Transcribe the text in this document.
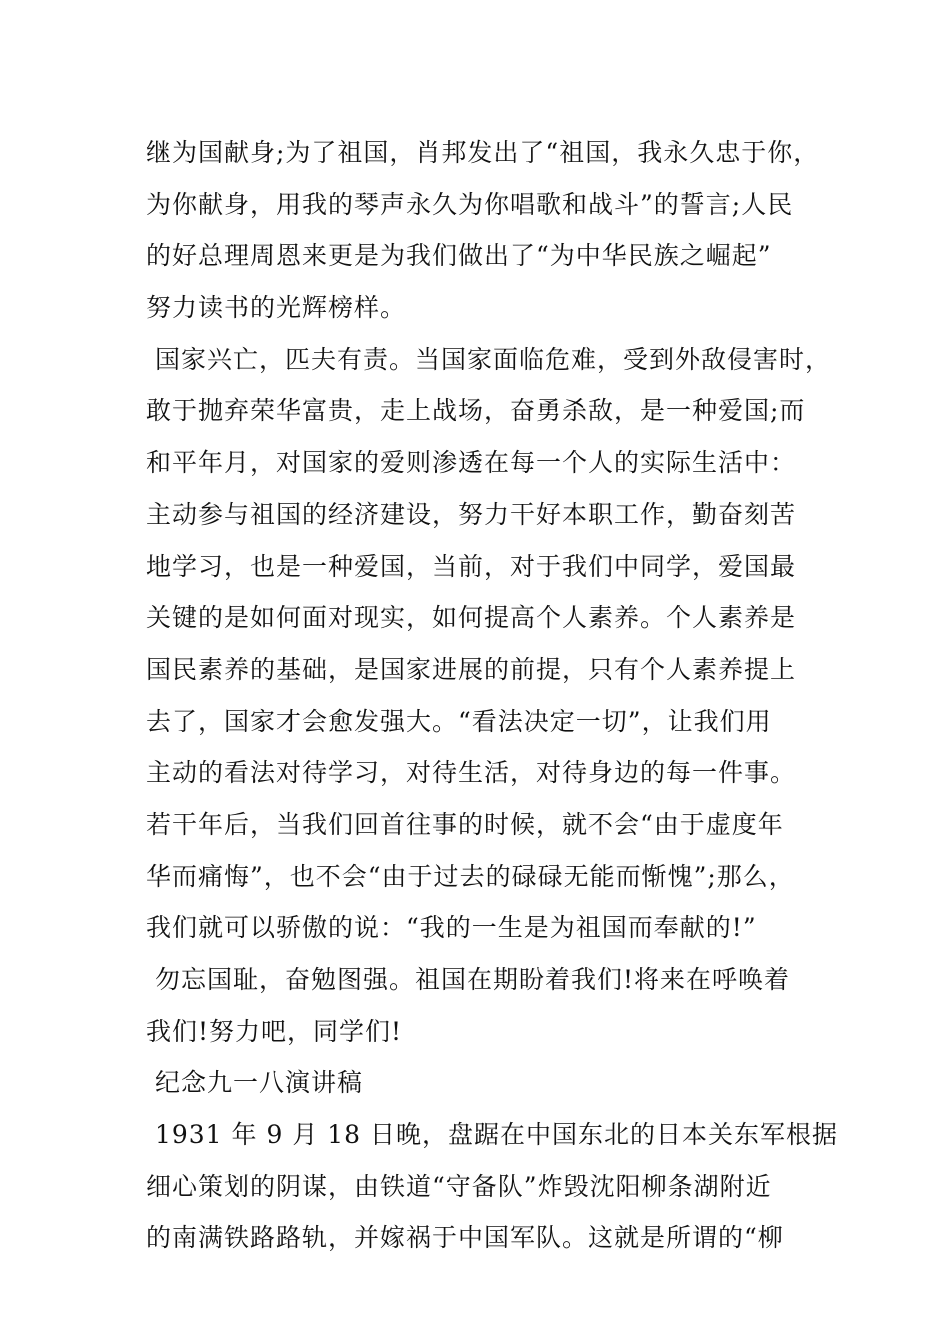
继为国献身;为了祖国，肖邦发出了“祖国，我永久忠于你，
为你献身，用我的琴声永久为你唱歌和战斗”的誓言;人民
的好总理周恩来更是为我们做出了“为中华民族之崛起”
努力读书的光辉榜样。
国家兴亡，匹夫有责。当国家面临危难，受到外敌侵害时，
敢于抛弃荣华富贵，走上战场，奋勇杀敌，是一种爱国;而
和平年月，对国家的爱则渗透在每一个人的实际生活中：
主动参与祖国的经济建设，努力干好本职工作，勤奋刻苦
地学习，也是一种爱国，当前，对于我们中同学，爱国最
关键的是如何面对现实，如何提高个人素养。个人素养是
国民素养的基础，是国家进展的前提，只有个人素养提上
去了，国家才会愈发强大。“看法决定一切”，让我们用
主动的看法对待学习，对待生活，对待身边的每一件事。
若干年后，当我们回首往事的时候，就不会“由于虚度年
华而痛悔”，也不会“由于过去的碌碌无能而惭愧”;那么，
我们就可以骄傲的说：“我的一生是为祖国而奉献的!”
勿忘国耻，奋勉图强。祖国在期盼着我们!将来在呼唤着
我们!努力吧，同学们!
纪念九一八演讲稿
1931 年 9 月 18 日晚，盘踞在中国东北的日本关东军根据
细心策划的阴谋，由铁道“守备队”炸毁沈阳柳条湖附近
的南满铁路路轨，并嫁祸于中国军队。这就是所谓的“柳
